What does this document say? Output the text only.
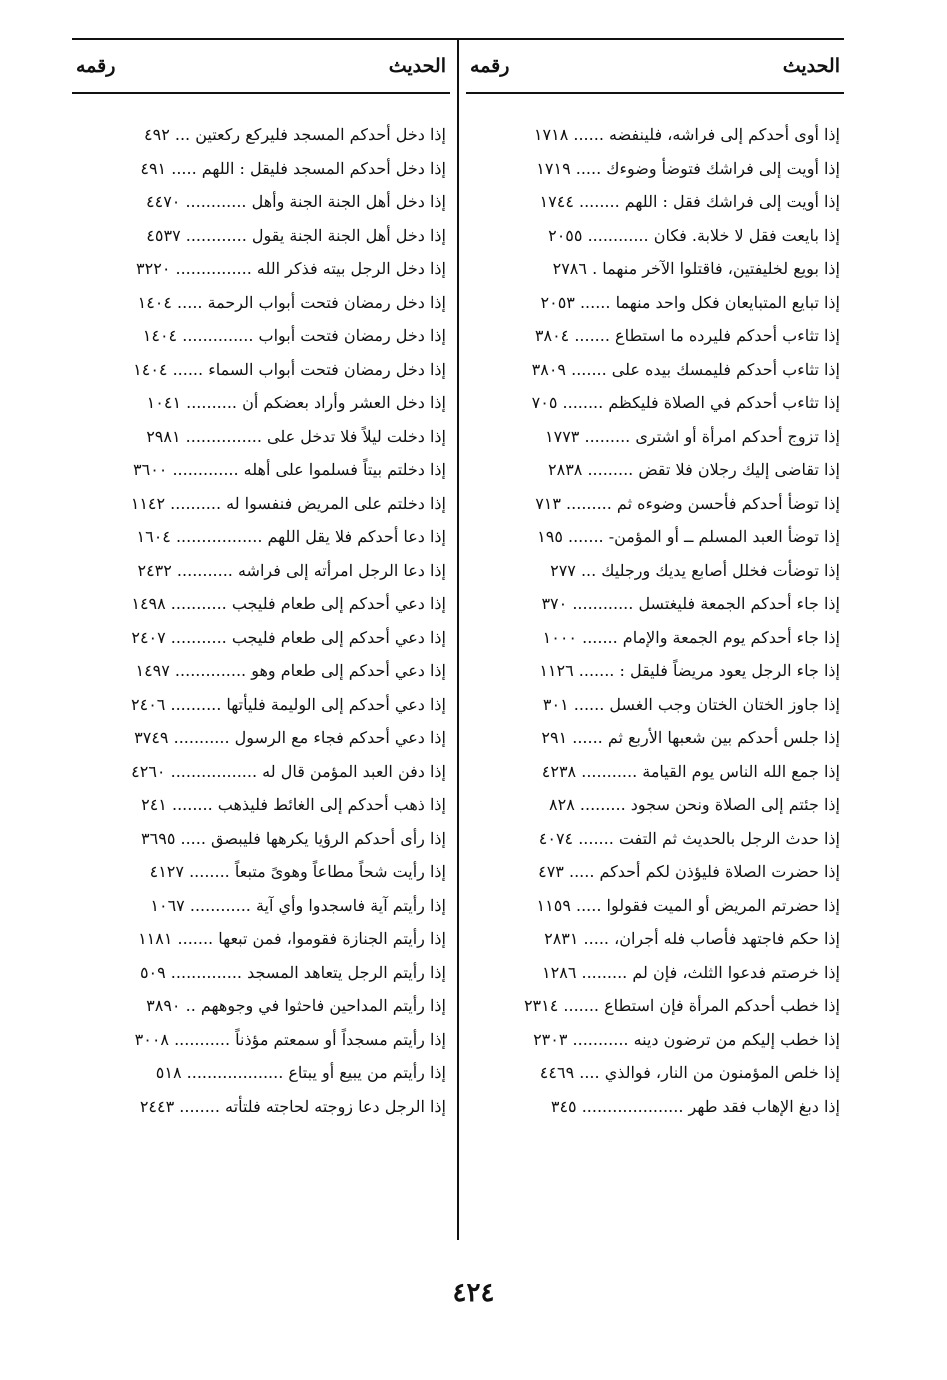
الحديث
رقمه
إذا أوى أحدكم إلى فراشه، فلينفضه ...... ١٧١٨
إذا أويت إلى فراشك فتوضأ وضوءك ..... ١٧١٩
إذا أويت إلى فراشك فقل : اللهم ........ ١٧٤٤
إذا بايعت فقل لا خلابة. فكان ............ ٢٠٥٥
إذا بويع لخليفتين، فاقتلوا الآخر منهما . ٢٧٨٦
إذا تبايع المتبايعان فكل واحد منهما ...... ٢٠٥٣
إذا تثاءب أحدكم فليرده ما استطاع ....... ٣٨٠٤
إذا تثاءب أحدكم فليمسك بيده على ....... ٣٨٠٩
إذا تثاءب أحدكم في الصلاة فليكظم ........ ٧٠٥
إذا تزوج أحدكم امرأة أو اشترى ......... ١٧٧٣
إذا تقاضى إليك رجلان فلا تقض ......... ٢٨٣٨
إذا توضأ أحدكم فأحسن وضوءه ثم ......... ٧١٣
إذا توضأ العبد المسلم ــ أو المؤمن- ....... ١٩٥
إذا توضأت فخلل أصابع يديك ورجليك ... ٢٧٧
إذا جاء أحدكم الجمعة فليغتسل ............ ٣٧٠
إذا جاء أحدكم يوم الجمعة والإمام ....... ١٠٠٠
إذا جاء الرجل يعود مريضاً فليقل : ....... ١١٢٦
إذا جاوز الختان الختان وجب الغسل ...... ٣٠١
إذا جلس أحدكم بين شعبها الأربع ثم ...... ٢٩١
إذا جمع الله الناس يوم القيامة ........... ٤٢٣٨
إذا جئتم إلى الصلاة ونحن سجود ......... ٨٢٨
إذا حدث الرجل بالحديث ثم التفت ....... ٤٠٧٤
إذا حضرت الصلاة فليؤذن لكم أحدكم ..... ٤٧٣
إذا حضرتم المريض أو الميت فقولوا ..... ١١٥٩
إذا حكم فاجتهد فأصاب فله أجران، ..... ٢٨٣١
إذا خرصتم فدعوا الثلث، فإن لم ......... ١٢٨٦
إذا خطب أحدكم المرأة فإن استطاع ....... ٢٣١٤
إذا خطب إليكم من ترضون دينه ........... ٢٣٠٣
إذا خلص المؤمنون من النار، فوالذي .... ٤٤٦٩
إذا دبغ الإهاب فقد طهر .................... ٣٤٥
الحديث
رقمه
إذا دخل أحدكم المسجد فليركع ركعتين ... ٤٩٢
إذا دخل أحدكم المسجد فليقل : اللهم ..... ٤٩١
إذا دخل أهل الجنة الجنة وأهل ............ ٤٤٧٠
إذا دخل أهل الجنة الجنة يقول ............ ٤٥٣٧
إذا دخل الرجل بيته فذكر الله ............... ٣٢٢٠
إذا دخل رمضان فتحت أبواب الرحمة ..... ١٤٠٤
إذا دخل رمضان فتحت أبواب .............. ١٤٠٤
إذا دخل رمضان فتحت أبواب السماء ...... ١٤٠٤
إذا دخل العشر وأراد بعضكم أن .......... ١٠٤١
إذا دخلت ليلاً فلا تدخل على ............... ٢٩٨١
إذا دخلتم بيتاً فسلموا على أهله ............. ٣٦٠٠
إذا دخلتم على المريض فنفسوا له .......... ١١٤٢
إذا دعا أحدكم فلا يقل اللهم ................. ١٦٠٤
إذا دعا الرجل امرأته إلى فراشه ........... ٢٤٣٢
إذا دعي أحدكم إلى طعام فليجب ........... ١٤٩٨
إذا دعي أحدكم إلى طعام فليجب ........... ٢٤٠٧
إذا دعي أحدكم إلى طعام وهو .............. ١٤٩٧
إذا دعي أحدكم إلى الوليمة فليأتها .......... ٢٤٠٦
إذا دعي أحدكم فجاء مع الرسول ........... ٣٧٤٩
إذا دفن العبد المؤمن قال له ................. ٤٢٦٠
إذا ذهب أحدكم إلى الغائط فليذهب ........ ٢٤١
إذا رأى أحدكم الرؤيا يكرهها فليبصق ..... ٣٦٩٥
إذا رأيت شحاً مطاعاً وهوىً متبعاً ........ ٤١٢٧
إذا رأيتم آية فاسجدوا وأي آية ............ ١٠٦٧
إذا رأيتم الجنازة فقوموا، فمن تبعها ....... ١١٨١
إذا رأيتم الرجل يتعاهد المسجد .............. ٥٠٩
إذا رأيتم المداحين فاحثوا في وجوههم .. ٣٨٩٠
إذا رأيتم مسجداً أو سمعتم مؤذناً ........... ٣٠٠٨
إذا رأيتم من يبيع أو يبتاع ................... ٥١٨
إذا الرجل دعا زوجته لحاجته فلتأته ........ ٢٤٤٣
٤٢٤
